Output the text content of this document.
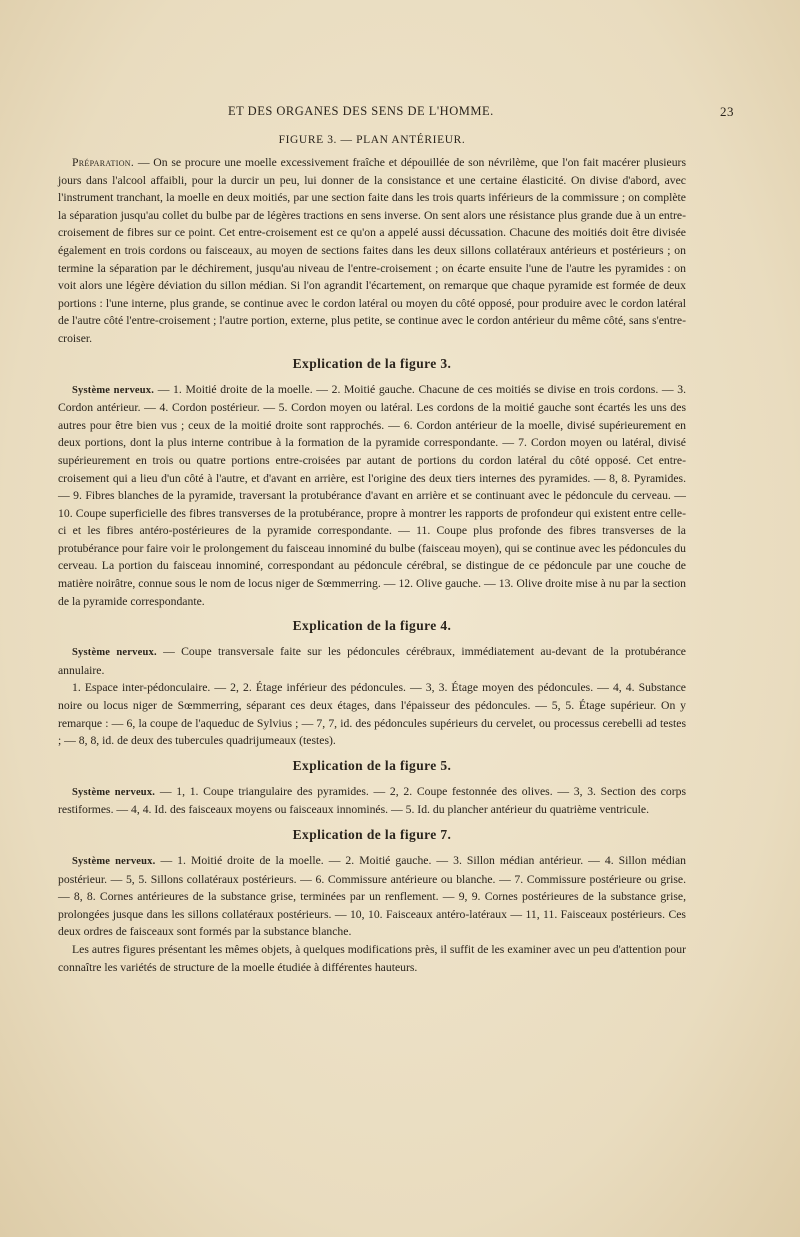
ET DES ORGANES DES SENS DE L'HOMME.	23
FIGURE 3. — PLAN ANTÉRIEUR.

Préparation. — On se procure une moelle excessivement fraîche et dépouillée de son névrilème, que l'on fait macérer plusieurs jours dans l'alcool affaibli, pour la durcir un peu, lui donner de la consistance et une certaine élasticité. On divise d'abord, avec l'instrument tranchant, la moelle en deux moitiés, par une section faite dans les trois quarts inférieurs de la commissure ; on complète la séparation jusqu'au collet du bulbe par de légères tractions en sens inverse. On sent alors une résistance plus grande due à un entre-croisement de fibres sur ce point. Cet entre-croisement est ce qu'on a appelé aussi décussation. Chacune des moitiés doit être divisée également en trois cordons ou faisceaux, au moyen de sections faites dans les deux sillons collatéraux antérieurs et postérieurs ; on termine la séparation par le déchirement, jusqu'au niveau de l'entre-croisement ; on écarte ensuite l'une de l'autre les pyramides : on voit alors une légère déviation du sillon médian. Si l'on agrandit l'écartement, on remarque que chaque pyramide est formée de deux portions : l'une interne, plus grande, se continue avec le cordon latéral ou moyen du côté opposé, pour produire avec le cordon latéral de l'autre côté l'entre-croisement ; l'autre portion, externe, plus petite, se continue avec le cordon antérieur du même côté, sans s'entre-croiser.

Explication de la figure 3.

Système nerveux. — 1. Moitié droite de la moelle. — 2. Moitié gauche. Chacune de ces moitiés se divise en trois cordons. — 3. Cordon antérieur. — 4. Cordon postérieur. — 5. Cordon moyen ou latéral. Les cordons de la moitié gauche sont écartés les uns des autres pour être bien vus ; ceux de la moitié droite sont rapprochés. — 6. Cordon antérieur de la moelle, divisé supérieurement en deux portions, dont la plus interne contribue à la formation de la pyramide correspondante. — 7. Cordon moyen ou latéral, divisé supérieurement en trois ou quatre portions entre-croisées par autant de portions du cordon latéral du côté opposé. Cet entre-croisement qui a lieu d'un côté à l'autre, et d'avant en arrière, est l'origine des deux tiers internes des pyramides. — 8, 8. Pyramides. — 9. Fibres blanches de la pyramide, traversant la protubérance d'avant en arrière et se continuant avec le pédoncule du cerveau. — 10. Coupe superficielle des fibres transverses de la protubérance, propre à montrer les rapports de profondeur qui existent entre celle-ci et les fibres antéro-postérieures de la pyramide correspondante. — 11. Coupe plus profonde des fibres transverses de la protubérance pour faire voir le prolongement du faisceau innominé du bulbe (faisceau moyen), qui se continue avec les pédoncules du cerveau. La portion du faisceau innominé, correspondant au pédoncule cérébral, se distingue de ce pédoncule par une couche de matière noirâtre, connue sous le nom de locus niger de Sœmmerring. — 12. Olive gauche. — 13. Olive droite mise à nu par la section de la pyramide correspondante.

Explication de la figure 4.

Système nerveux. — Coupe transversale faite sur les pédoncules cérébraux, immédiatement au-devant de la protubérance annulaire.

1. Espace inter-pédonculaire. — 2, 2. Étage inférieur des pédoncules. — 3, 3. Étage moyen des pédoncules. — 4, 4. Substance noire ou locus niger de Sœmmerring, séparant ces deux étages, dans l'épaisseur des pédoncules. — 5, 5. Étage supérieur. On y remarque : — 6, la coupe de l'aqueduc de Sylvius ; — 7, 7, id. des pédoncules supérieurs du cervelet, ou processus cerebelli ad testes ; — 8, 8, id. de deux des tubercules quadrijumeaux (testes).

Explication de la figure 5.

Système nerveux. — 1, 1. Coupe triangulaire des pyramides. — 2, 2. Coupe festonnée des olives. — 3, 3. Section des corps restiformes. — 4, 4. Id. des faisceaux moyens ou faisceaux innominés. — 5. Id. du plancher antérieur du quatrième ventricule.

Explication de la figure 7.

Système nerveux. — 1. Moitié droite de la moelle. — 2. Moitié gauche. — 3. Sillon médian antérieur. — 4. Sillon médian postérieur. — 5, 5. Sillons collatéraux postérieurs. — 6. Commissure antérieure ou blanche. — 7. Commissure postérieure ou grise. — 8, 8. Cornes antérieures de la substance grise, terminées par un renflement. — 9, 9. Cornes postérieures de la substance grise, prolongées jusque dans les sillons collatéraux postérieurs. — 10, 10. Faisceaux antéro-latéraux — 11, 11. Faisceaux postérieurs. Ces deux ordres de faisceaux sont formés par la substance blanche.

Les autres figures présentant les mêmes objets, à quelques modifications près, il suffit de les examiner avec un peu d'attention pour connaître les variétés de structure de la moelle étudiée à différentes hauteurs.
